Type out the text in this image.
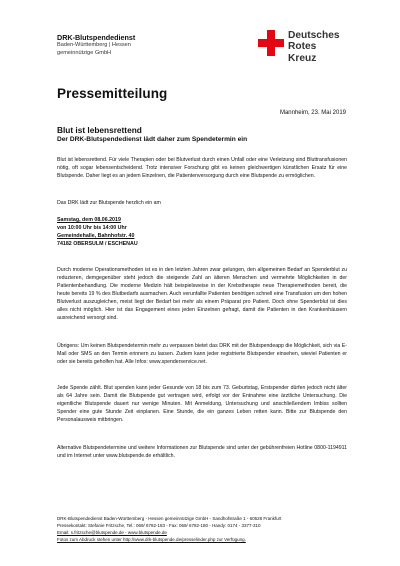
DRK-Blutspendedienst
Baden-Württemberg | Hessen
gemeinnützige GmbH
Deutsches
Rotes
Kreuz
Pressemitteilung
Mannheim, 23. Mai 2019
Blut ist lebensrettend
Der DRK-Blutspendedienst lädt daher zum Spendetermin ein

Blut ist lebensrettend. Für viele Therapien oder bei Blutverlust durch einen Unfall oder eine Verletzung sind Bluttransfusionen nötig, oft sogar lebensentscheidend. Trotz intensiver Forschung gibt es keinen gleichwertigen künstlichen Ersatz für eine Blutspende. Daher liegt es an jedem Einzelnen, die Patientenversorgung durch eine Blutspende zu ermöglichen.

Das DRK lädt zur Blutspende herzlich ein am

Samstag, dem 08.06.2019
von 10:00 Uhr bis 14:00 Uhr
Gemeindehalle, Bahnhofstr. 40
74182 OBERSULM / ESCHENAU

Durch moderne Operationsmethoden ist es in den letzten Jahren zwar gelungen, den allgemeinen Bedarf an Spenderblut zu reduzieren, demgegenüber steht jedoch die steigende Zahl an älteren Menschen und vermehrte Möglichkeiten in der Patientenbehandlung. Die moderne Medizin hält beispielsweise in der Krebstherapie neue Therapiemethoden bereit, die heute bereits 19 % des Blutbedarfs ausmachen. Auch verunfallte Patienten benötigen schnell eine Transfusion um den hohen Blutverlust auszugleichen, meist liegt der Bedarf bei mehr als einem Präparat pro Patient. Doch ohne Spenderblut ist dies alles nicht möglich. Hier ist das Engagement eines jeden Einzelnen gefragt, damit die Patienten in den Krankenhäusern ausreichend versorgt sind.

Übrigens: Um keinen Blutspendetermin mehr zu verpassen bietet das DRK mit der Blutspendeapp die Möglichkeit, sich via E-Mail oder SMS an den Termin erinnern zu lassen. Zudem kann jeder registrierte Blutspender einsehen, wieviel Patienten er oder sie bereits geholfen hat. Alle Infos: www.spenderservice.net.

Jede Spende zählt. Blut spenden kann jeder Gesunde von 18 bis zum 73. Geburtstag, Erstspender dürfen jedoch nicht älter als 64 Jahre sein. Damit die Blutspende gut vertragen wird, erfolgt vor der Entnahme eine ärztliche Untersuchung. Die eigentliche Blutspende dauert nur wenige Minuten. Mit Anmeldung, Untersuchung und anschließendem Imbiss sollten Spender eine gute Stunde Zeit einplanen. Eine Stunde, die ein ganzes Leben retten kann. Bitte zur Blutspende den Personalausweis mitbringen.

Alternative Blutspendetermine und weitere Informationen zur Blutspende sind unter der gebührenfreien Hotline 0800-1194911 und im Internet unter www.blutspende.de erhältlich.

DRK-Blutspendedienst Baden-Württemberg - Hessen gemeinnützige GmbH - Sandhofstraße 1 - 60528 Frankfurt
Pressekontakt: Stefanie Fritzsche, Tel.: 069/ 6782-183 - Fax: 069/ 6782-180 - Handy: 0174 - 3377-310
Email: s.fritzsche@blutspende.de - www.blutspende.de
Fotos zum Abdruck stehen unter http://www.drk-blutspende.de/presselinder.php zur Verfügung.
